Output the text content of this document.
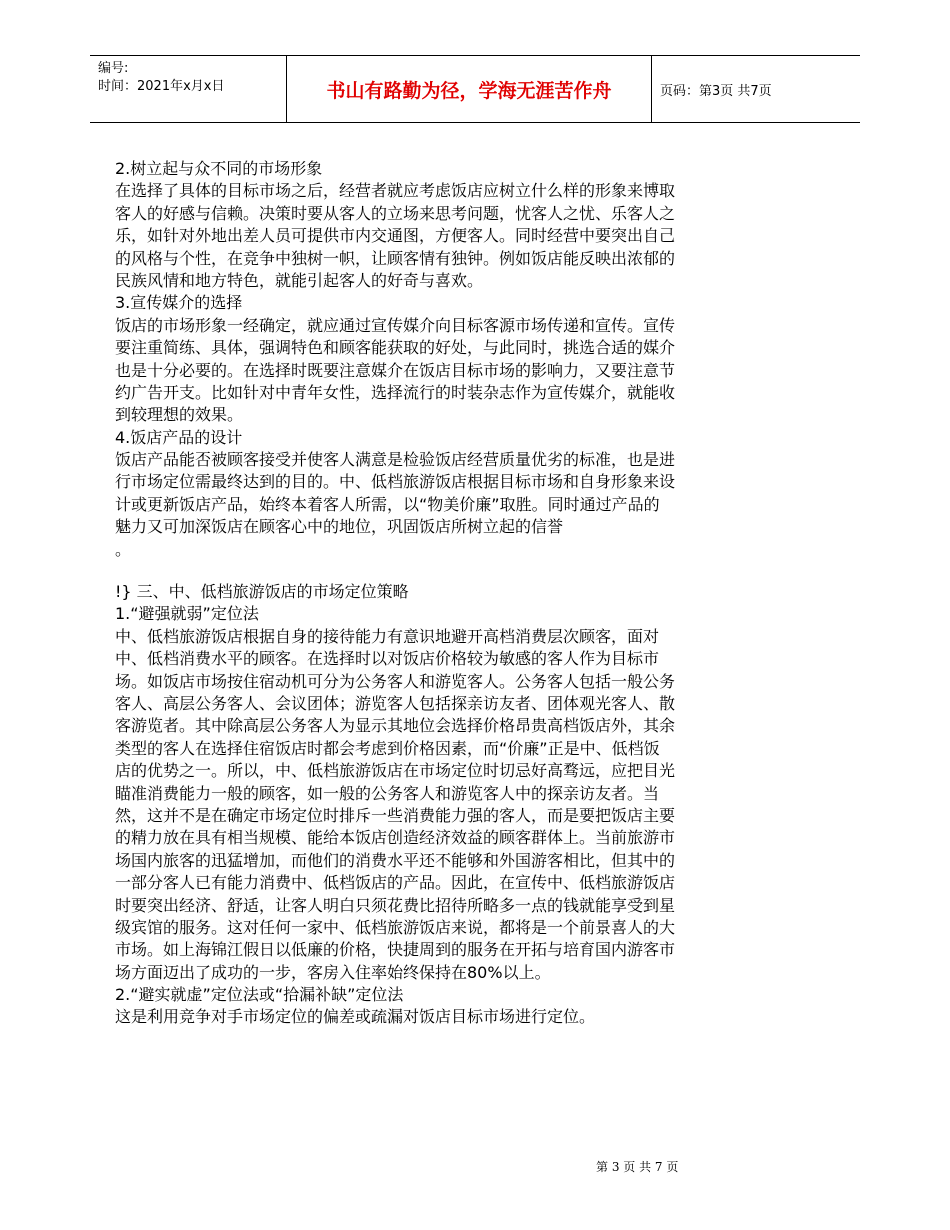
编号:
时间：2021年x月x日	书山有路勤为径，学海无涯苦作舟	页码：第3页 共7页
2.树立起与众不同的市场形象
在选择了具体的目标市场之后，经营者就应考虑饭店应树立什么样的形象来博取
客人的好感与信赖。决策时要从客人的立场来思考问题，忧客人之忧、乐客人之
乐，如针对外地出差人员可提供市内交通图，方便客人。同时经营中要突出自己
的风格与个性，在竞争中独树一帜，让顾客情有独钟。例如饭店能反映出浓郁的
民族风情和地方特色，就能引起客人的好奇与喜欢。
3.宣传媒介的选择
饭店的市场形象一经确定，就应通过宣传媒介向目标客源市场传递和宣传。宣传
要注重简练、具体，强调特色和顾客能获取的好处，与此同时，挑选合适的媒介
也是十分必要的。在选择时既要注意媒介在饭店目标市场的影响力，又要注意节
约广告开支。比如针对中青年女性，选择流行的时装杂志作为宣传媒介，就能收
到较理想的效果。
4.饭店产品的设计
饭店产品能否被顾客接受并使客人满意是检验饭店经营质量优劣的标准，也是进
行市场定位需最终达到的目的。中、低档旅游饭店根据目标市场和自身形象来设
计或更新饭店产品，始终本着客人所需，以“物美价廉”取胜。同时通过产品的
魅力又可加深饭店在顾客心中的地位，巩固饭店所树立起的信誉
。
!} 三、中、低档旅游饭店的市场定位策略
1.“避强就弱”定位法
中、低档旅游饭店根据自身的接待能力有意识地避开高档消费层次顾客，面对
中、低档消费水平的顾客。在选择时以对饭店价格较为敏感的客人作为目标市
场。如饭店市场按住宿动机可分为公务客人和游览客人。公务客人包括一般公务
客人、高层公务客人、会议团体；游览客人包括探亲访友者、团体观光客人、散
客游览者。其中除高层公务客人为显示其地位会选择价格昂贵高档饭店外，其余
类型的客人在选择住宿饭店时都会考虑到价格因素，而“价廉”正是中、低档饭
店的优势之一。所以，中、低档旅游饭店在市场定位时切忌好高骛远，应把目光
瞄准消费能力一般的顾客，如一般的公务客人和游览客人中的探亲访友者。当
然，这并不是在确定市场定位时排斥一些消费能力强的客人，而是要把饭店主要
的精力放在具有相当规模、能给本饭店创造经济效益的顾客群体上。当前旅游市
场国内旅客的迅猛增加，而他们的消费水平还不能够和外国游客相比，但其中的
一部分客人已有能力消费中、低档饭店的产品。因此，在宣传中、低档旅游饭店
时要突出经济、舒适，让客人明白只须花费比招待所略多一点的钱就能享受到星
级宾馆的服务。这对任何一家中、低档旅游饭店来说，都将是一个前景喜人的大
市场。如上海锦江假日以低廉的价格，快捷周到的服务在开拓与培育国内游客市
场方面迈出了成功的一步，客房入住率始终保持在80%以上。
2.“避实就虚”定位法或“拾漏补缺”定位法
这是利用竞争对手市场定位的偏差或疏漏对饭店目标市场进行定位。
第 3 页 共 7 页
